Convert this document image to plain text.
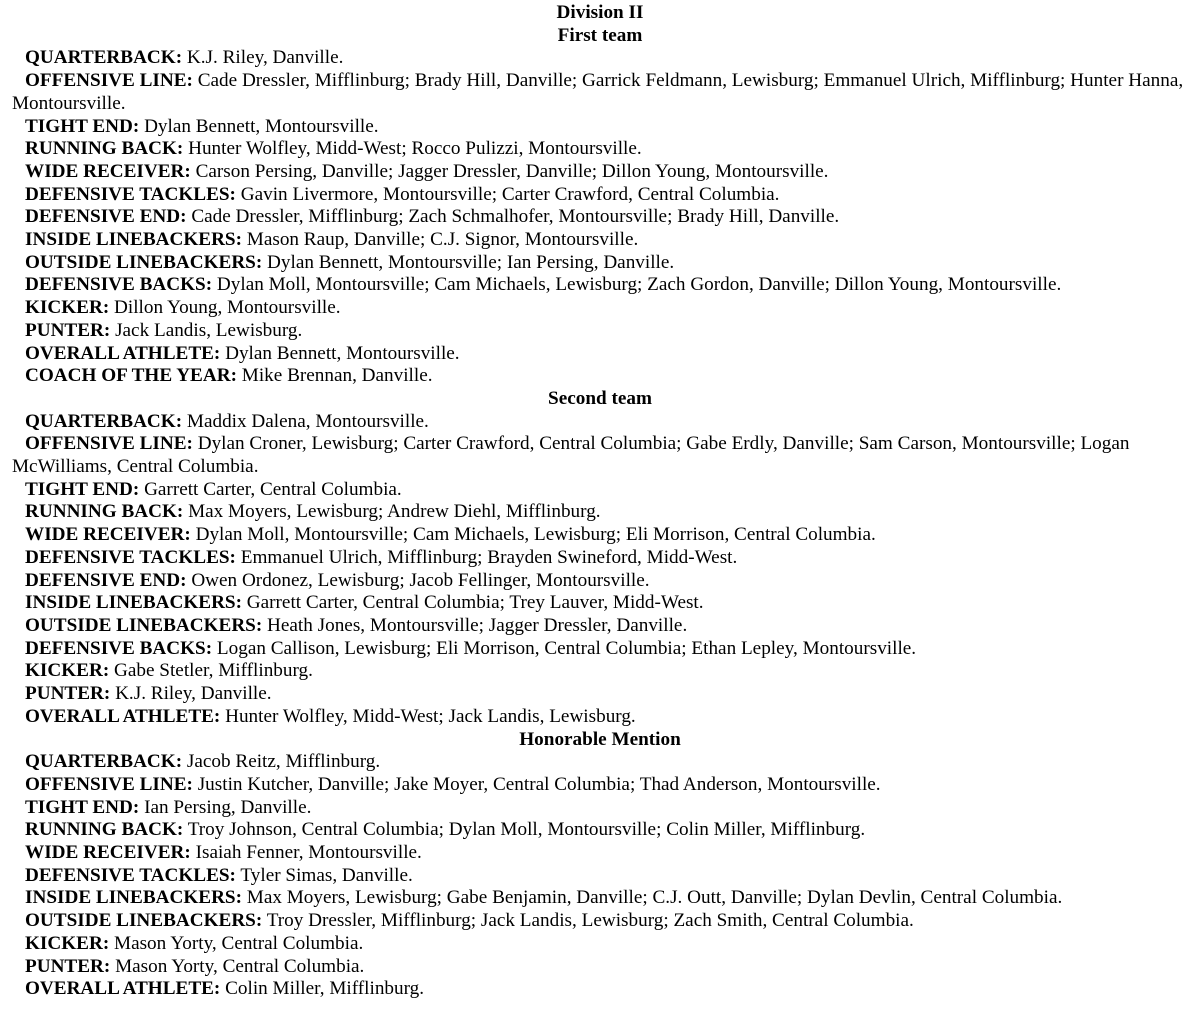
Division II

First team

QUARTERBACK: K.J. Riley, Danville.

OFFENSIVE LINE: Cade Dressler, Mifflinburg; Brady Hill, Danville; Garrick Feldmann, Lewisburg; Emmanuel Ulrich, Mifflinburg; Hunter Hanna, Montoursville.

TIGHT END: Dylan Bennett, Montoursville.

RUNNING BACK: Hunter Wolfley, Midd-West; Rocco Pulizzi, Montoursville.

WIDE RECEIVER: Carson Persing, Danville; Jagger Dressler, Danville; Dillon Young, Montoursville.

DEFENSIVE TACKLES: Gavin Livermore, Montoursville; Carter Crawford, Central Columbia.

DEFENSIVE END: Cade Dressler, Mifflinburg; Zach Schmalhofer, Montoursville; Brady Hill, Danville.

INSIDE LINEBACKERS: Mason Raup, Danville; C.J. Signor, Montoursville.

OUTSIDE LINEBACKERS: Dylan Bennett, Montoursville; Ian Persing, Danville.

DEFENSIVE BACKS: Dylan Moll, Montoursville; Cam Michaels, Lewisburg; Zach Gordon, Danville; Dillon Young, Montoursville.

KICKER: Dillon Young, Montoursville.

PUNTER: Jack Landis, Lewisburg.

OVERALL ATHLETE: Dylan Bennett, Montoursville.

COACH OF THE YEAR: Mike Brennan, Danville.

Second team

QUARTERBACK: Maddix Dalena, Montoursville.

OFFENSIVE LINE: Dylan Croner, Lewisburg; Carter Crawford, Central Columbia; Gabe Erdly, Danville; Sam Carson, Montoursville; Logan McWilliams, Central Columbia.

TIGHT END: Garrett Carter, Central Columbia.

RUNNING BACK: Max Moyers, Lewisburg; Andrew Diehl, Mifflinburg.

WIDE RECEIVER: Dylan Moll, Montoursville; Cam Michaels, Lewisburg; Eli Morrison, Central Columbia.

DEFENSIVE TACKLES: Emmanuel Ulrich, Mifflinburg; Brayden Swineford, Midd-West.

DEFENSIVE END: Owen Ordonez, Lewisburg; Jacob Fellinger, Montoursville.

INSIDE LINEBACKERS: Garrett Carter, Central Columbia; Trey Lauver, Midd-West.

OUTSIDE LINEBACKERS: Heath Jones, Montoursville; Jagger Dressler, Danville.

DEFENSIVE BACKS: Logan Callison, Lewisburg; Eli Morrison, Central Columbia; Ethan Lepley, Montoursville.

KICKER: Gabe Stetler, Mifflinburg.

PUNTER: K.J. Riley, Danville.

OVERALL ATHLETE: Hunter Wolfley, Midd-West; Jack Landis, Lewisburg.

Honorable Mention

QUARTERBACK: Jacob Reitz, Mifflinburg.

OFFENSIVE LINE: Justin Kutcher, Danville; Jake Moyer, Central Columbia; Thad Anderson, Montoursville.

TIGHT END: Ian Persing, Danville.

RUNNING BACK: Troy Johnson, Central Columbia; Dylan Moll, Montoursville; Colin Miller, Mifflinburg.

WIDE RECEIVER: Isaiah Fenner, Montoursville.

DEFENSIVE TACKLES: Tyler Simas, Danville.

INSIDE LINEBACKERS: Max Moyers, Lewisburg; Gabe Benjamin, Danville; C.J. Outt, Danville; Dylan Devlin, Central Columbia.

OUTSIDE LINEBACKERS: Troy Dressler, Mifflinburg; Jack Landis, Lewisburg; Zach Smith, Central Columbia.

KICKER: Mason Yorty, Central Columbia.

PUNTER: Mason Yorty, Central Columbia.

OVERALL ATHLETE: Colin Miller, Mifflinburg.
